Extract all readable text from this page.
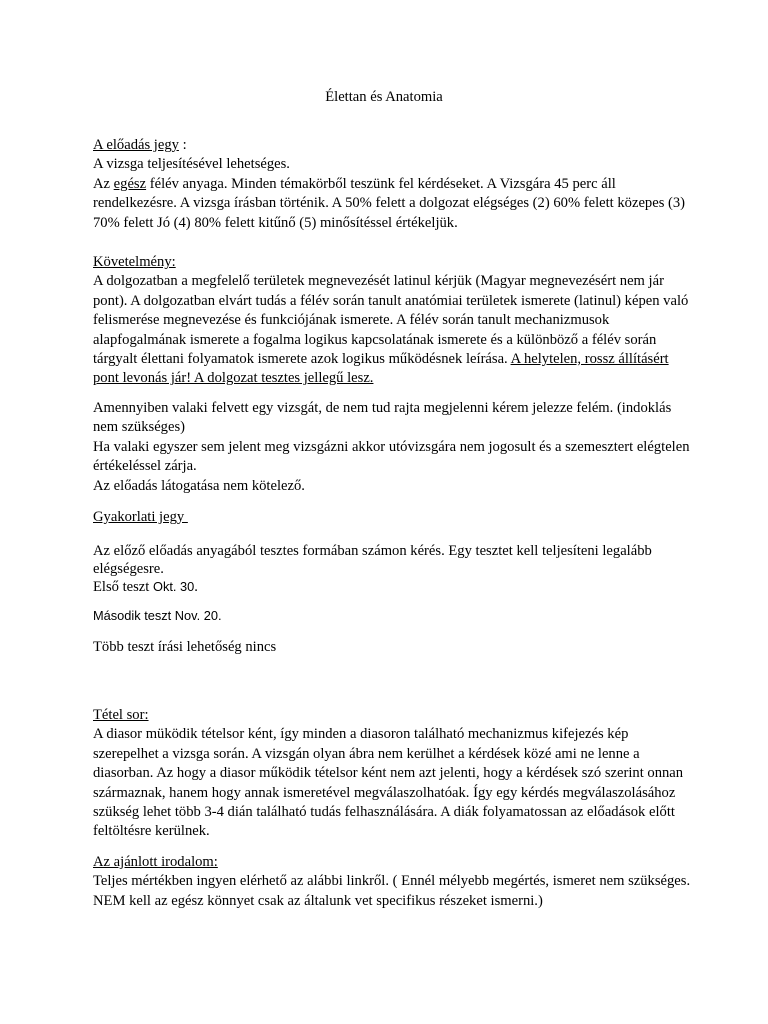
Élettan és Anatomia

A előadás jegy :

A vizsga teljesítésével lehetséges.

Az egész félév anyaga. Minden témakörből teszünk fel kérdéseket. A Vizsgára 45 perc áll rendelkezésre. A vizsga írásban történik. A 50% felett a dolgozat elégséges (2) 60% felett közepes (3) 70% felett Jó (4) 80% felett kitűnő (5) minősítéssel értékeljük.

Követelmény:

A dolgozatban a megfelelő területek megnevezését latinul kérjük (Magyar megnevezésért nem jár pont). A dolgozatban elvárt tudás a félév során tanult anatómiai területek ismerete (latinul) képen való felismerése megnevezése és funkciójának ismerete. A félév során tanult mechanizmusok alapfogalmának ismerete a fogalma logikus kapcsolatának ismerete és a különböző a félév során tárgyalt élettani folyamatok ismerete azok logikus működésnek leírása. A helytelen, rossz állításért pont levonás jár! A dolgozat tesztes jellegű lesz.

Amennyiben valaki felvett egy vizsgát, de nem tud rajta megjelenni kérem jelezze felém. (indoklás nem szükséges)

Ha valaki egyszer sem jelent meg vizsgázni akkor utóvizsgára nem jogosult és a szemesztert elégtelen értékeléssel zárja.

Az előadás látogatása nem kötelező.

Gyakorlati jegy

Az előző előadás anyagából tesztes formában számon kérés. Egy tesztet kell teljesíteni legalább elégségesre.

Első teszt Okt. 30.

Második teszt Nov. 20.

Több teszt írási lehetőség nincs

Tétel sor:

A diasor müködik tételsor ként, így minden a diasoron található mechanizmus kifejezés kép szerepelhet a vizsga során. A vizsgán olyan ábra nem kerülhet a kérdések közé ami ne lenne a diasorban. Az hogy a diasor működik tételsor ként nem azt jelenti, hogy a kérdések szó szerint onnan származnak, hanem hogy annak ismeretével megválaszolhatóak. Így egy kérdés megválaszolásához szükség lehet több 3-4 dián található tudás felhasználására. A diák folyamatossan az előadások előtt feltöltésre kerülnek.

Az ajánlott irodalom:

Teljes mértékben ingyen elérhető az alábbi linkről. ( Ennél mélyebb megértés, ismeret nem szükséges. NEM kell az egész könnyet csak az általunk vet specifikus részeket ismerni.)
